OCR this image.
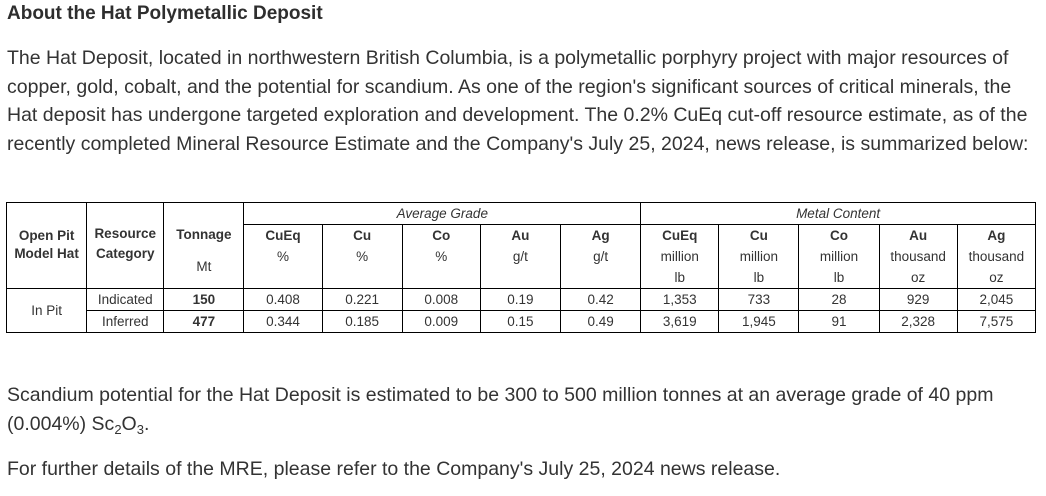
About the Hat Polymetallic Deposit

The Hat Deposit, located in northwestern British Columbia, is a polymetallic porphyry project with major resources of copper, gold, cobalt, and the potential for scandium. As one of the region's significant sources of critical minerals, the Hat deposit has undergone targeted exploration and development. The 0.2% CuEq cut-off resource estimate, as of the recently completed Mineral Resource Estimate and the Company's July 25, 2024, news release, is summarized below:

Open Pit Model Hat			Average Grade					Metal Content				
	Resource Category	Tonnage	CuEq	Cu	Co	Au	Ag	CuEq	Cu	Co	Au	Ag
		Mt	%	%	%	g/t	g/t	million	million	million	thousand	thousand
								lb	lb	lb	oz	oz
In Pit	Indicated	150	0.408	0.221	0.008	0.19	0.42	1,353	733	28	929	2,045
	Inferred	477	0.344	0.185	0.009	0.15	0.49	3,619	1,945	91	2,328	7,575

Scandium potential for the Hat Deposit is estimated to be 300 to 500 million tonnes at an average grade of 40 ppm (0.004%) $Sc_2O_3$.

For further details of the MRE, please refer to the Company's July 25, 2024 news release.
